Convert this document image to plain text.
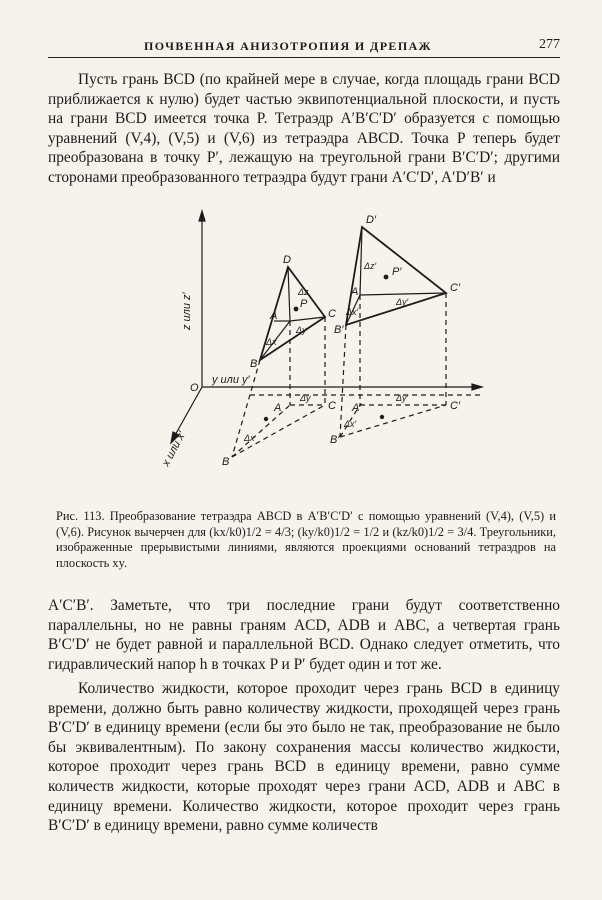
ПОЧВЕННАЯ АНИЗОТРОПИЯ И ДРЕПАЖ	277

Пусть грань BCD (по крайней мере в случае, когда площадь грани BCD приближается к нулю) будет частью эквипотенциальной плоскости, и пусть на грани BCD имеется точка P. Тетраэдр A′B′C′D′ образуется с помощью уравнений (V,4), (V,5) и (V,6) из тетраэдра ABCD. Точка P теперь будет преобразована в точку P′, лежащую на треугольной грани B′C′D′; другими сторонами преобразованного тетраэдра будут грани A′C′D′, A′D′B′ и

z или z′
y или y′
x или x′
O
D
A
B
C
P
Δz
Δy
Δx
D′
A′
B′
C′
P′
Δz′
Δy′
Δx′
A
B
C
Δy
Δx
A′
B′
C′
Δy′
Δx′

Рис. 113. Преобразование тетраэдра ABCD в A′B′C′D′ с помощью уравнений (V,4), (V,5) и (V,6). Рисунок вычерчен для (kx/k0)1/2 = 4/3; (ky/k0)1/2 = 1/2 и (kz/k0)1/2 = 3/4. Треугольники, изображенные прерывистыми линиями, являются проекциями оснований тетраэдров на плоскость xy.

A′C′B′. Заметьте, что три последние грани будут соответственно параллельны, но не равны граням ACD, ADB и ABC, а четвертая грань B′C′D′ не будет равной и параллельной BCD. Однако следует отметить, что гидравлический напор h в точках P и P′ будет один и тот же.

Количество жидкости, которое проходит через грань BCD в единицу времени, должно быть равно количеству жидкости, проходящей через грань B′C′D′ в единицу времени (если бы это было не так, преобразование не было бы эквивалентным). По закону сохранения массы количество жидкости, которое проходит через грань BCD в единицу времени, равно сумме количеств жидкости, которые проходят через грани ACD, ADB и ABC в единицу времени. Количество жидкости, которое проходит через грань B′C′D′ в единицу времени, равно сумме количеств
